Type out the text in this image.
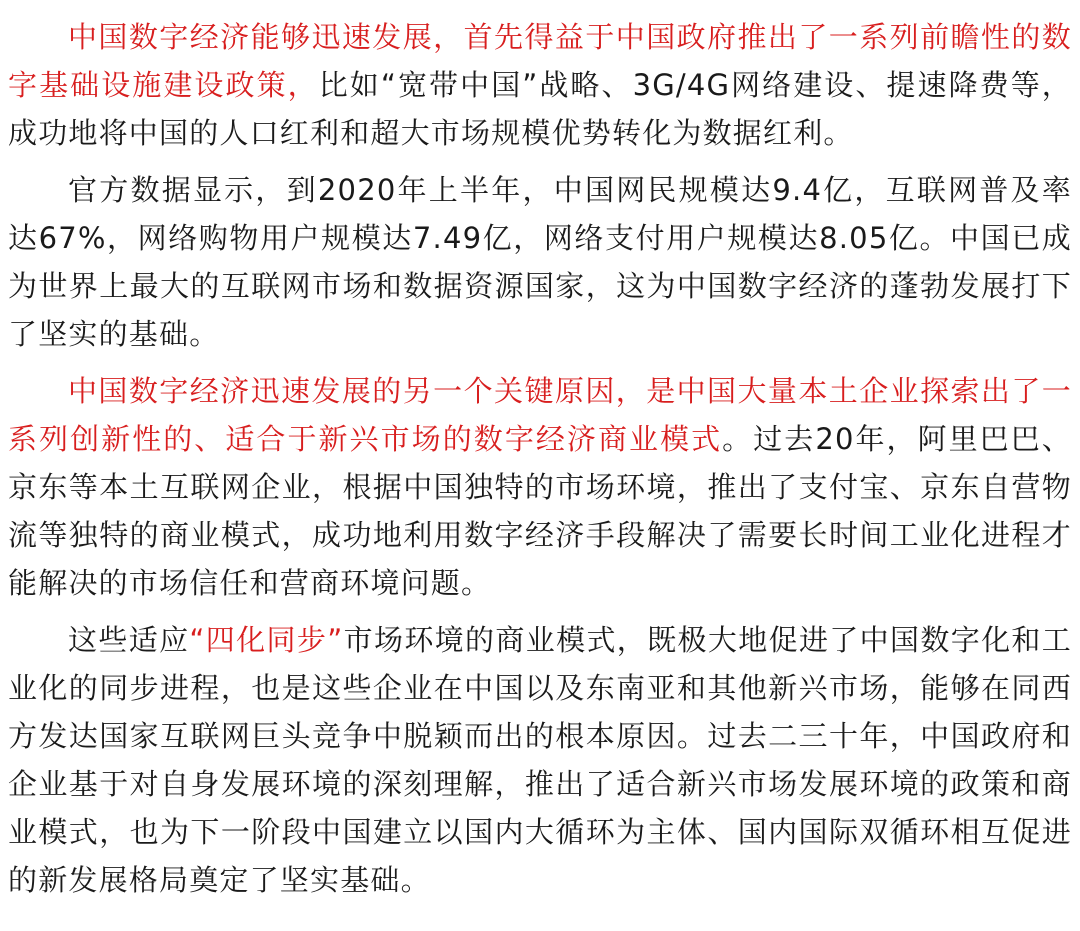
中国数字经济能够迅速发展，首先得益于中国政府推出了一系列前瞻性的数字基础设施建设政策，比如“宽带中国”战略、3G/4G网络建设、提速降费等，成功地将中国的人口红利和超大市场规模优势转化为数据红利。

官方数据显示，到2020年上半年，中国网民规模达9.4亿，互联网普及率达67%，网络购物用户规模达7.49亿，网络支付用户规模达8.05亿。中国已成为世界上最大的互联网市场和数据资源国家，这为中国数字经济的蓬勃发展打下了坚实的基础。

中国数字经济迅速发展的另一个关键原因，是中国大量本土企业探索出了一系列创新性的、适合于新兴市场的数字经济商业模式。过去20年，阿里巴巴、京东等本土互联网企业，根据中国独特的市场环境，推出了支付宝、京东自营物流等独特的商业模式，成功地利用数字经济手段解决了需要长时间工业化进程才能解决的市场信任和营商环境问题。

这些适应“四化同步”市场环境的商业模式，既极大地促进了中国数字化和工业化的同步进程，也是这些企业在中国以及东南亚和其他新兴市场，能够在同西方发达国家互联网巨头竞争中脱颖而出的根本原因。过去二三十年，中国政府和企业基于对自身发展环境的深刻理解，推出了适合新兴市场发展环境的政策和商业模式，也为下一阶段中国建立以国内大循环为主体、国内国际双循环相互促进的新发展格局奠定了坚实基础。
